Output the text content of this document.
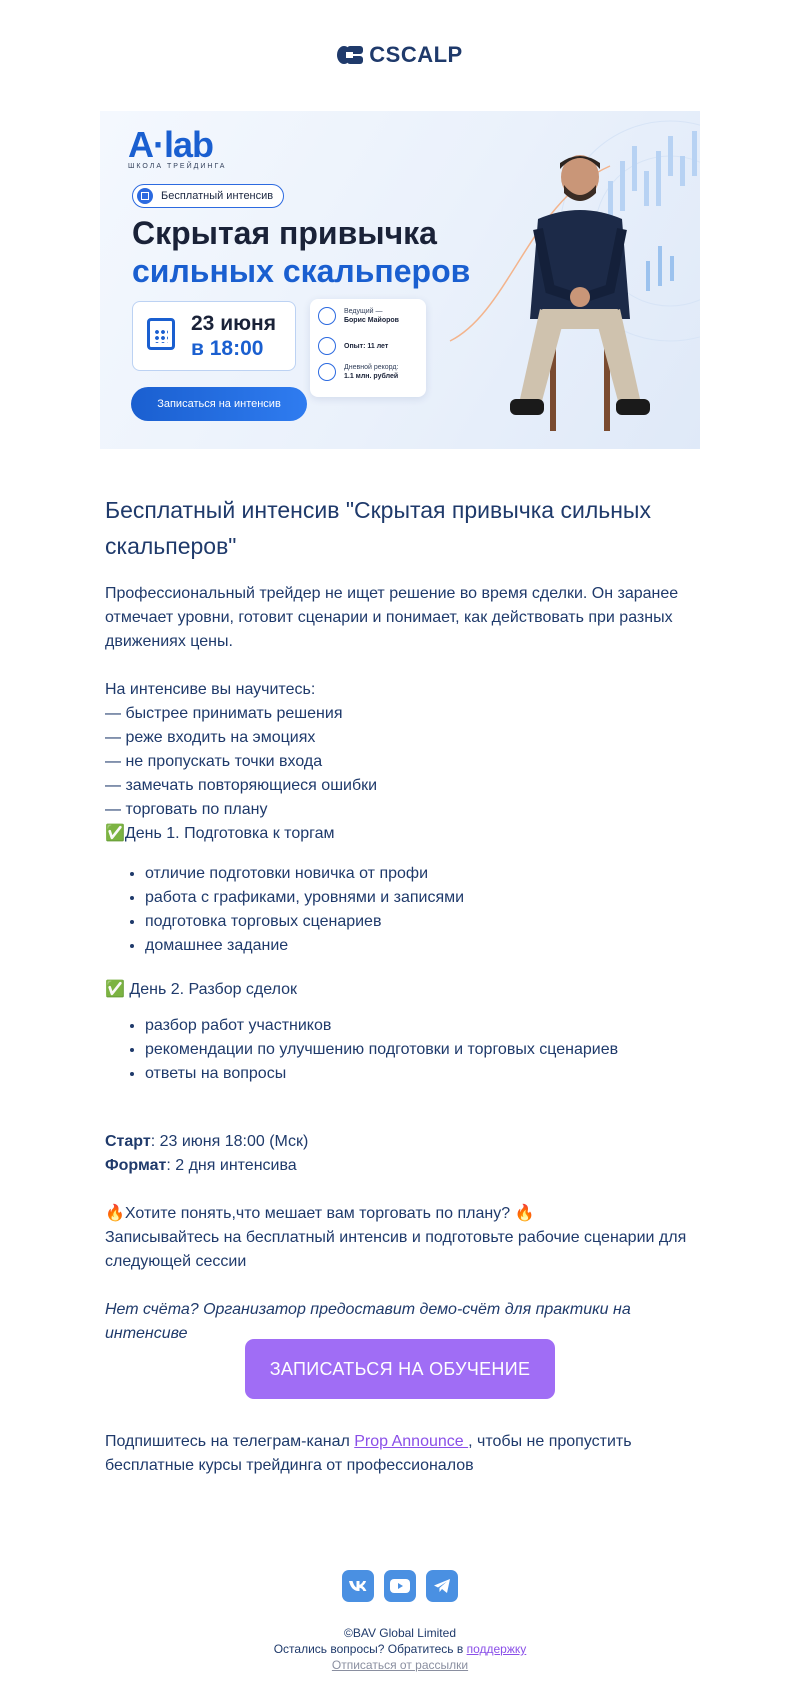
CSCALP
A·lab
ШКОЛА ТРЕЙДИНГА
Бесплатный интенсив
Скрытая привычка
сильных скальперов
23 июня
в 18:00
Ведущий —
Борис Майоров
Опыт: 11 лет
Дневной рекорд:
1.1 млн. рублей
Записаться на интенсив
Бесплатный интенсив "Скрытая привычка сильных скальперов"
Профессиональный трейдер не ищет решение во время сделки. Он заранее отмечает уровни, готовит сценарии и понимает, как действовать при разных движениях цены.
На интенсиве вы научитесь:
— быстрее принимать решения
— реже входить на эмоциях
— не пропускать точки входа
— замечать повторяющиеся ошибки
— торговать по плану
✅День 1. Подготовка к торгам
• отличие подготовки новичка от профи
• работа с графиками, уровнями и записями
• подготовка торговых сценариев
• домашнее задание
✅ День 2. Разбор сделок
• разбор работ участников
• рекомендации по улучшению подготовки и торговых сценариев
• ответы на вопросы
Старт: 23 июня 18:00 (Мск)
Формат: 2 дня интенсива
🔥Хотите понять,что мешает вам торговать по плану? 🔥
Записывайтесь на бесплатный интенсив и подготовьте рабочие сценарии для следующей сессии
Нет счёта? Организатор предоставит демо-счёт для практики на интенсиве
ЗАПИСАТЬСЯ НА ОБУЧЕНИЕ
Подпишитесь на телеграм-канал Prop Announce , чтобы не пропустить бесплатные курсы трейдинга от профессионалов
©BAV Global Limited
Остались вопросы? Обратитесь в поддержку
Отписаться от рассылки
